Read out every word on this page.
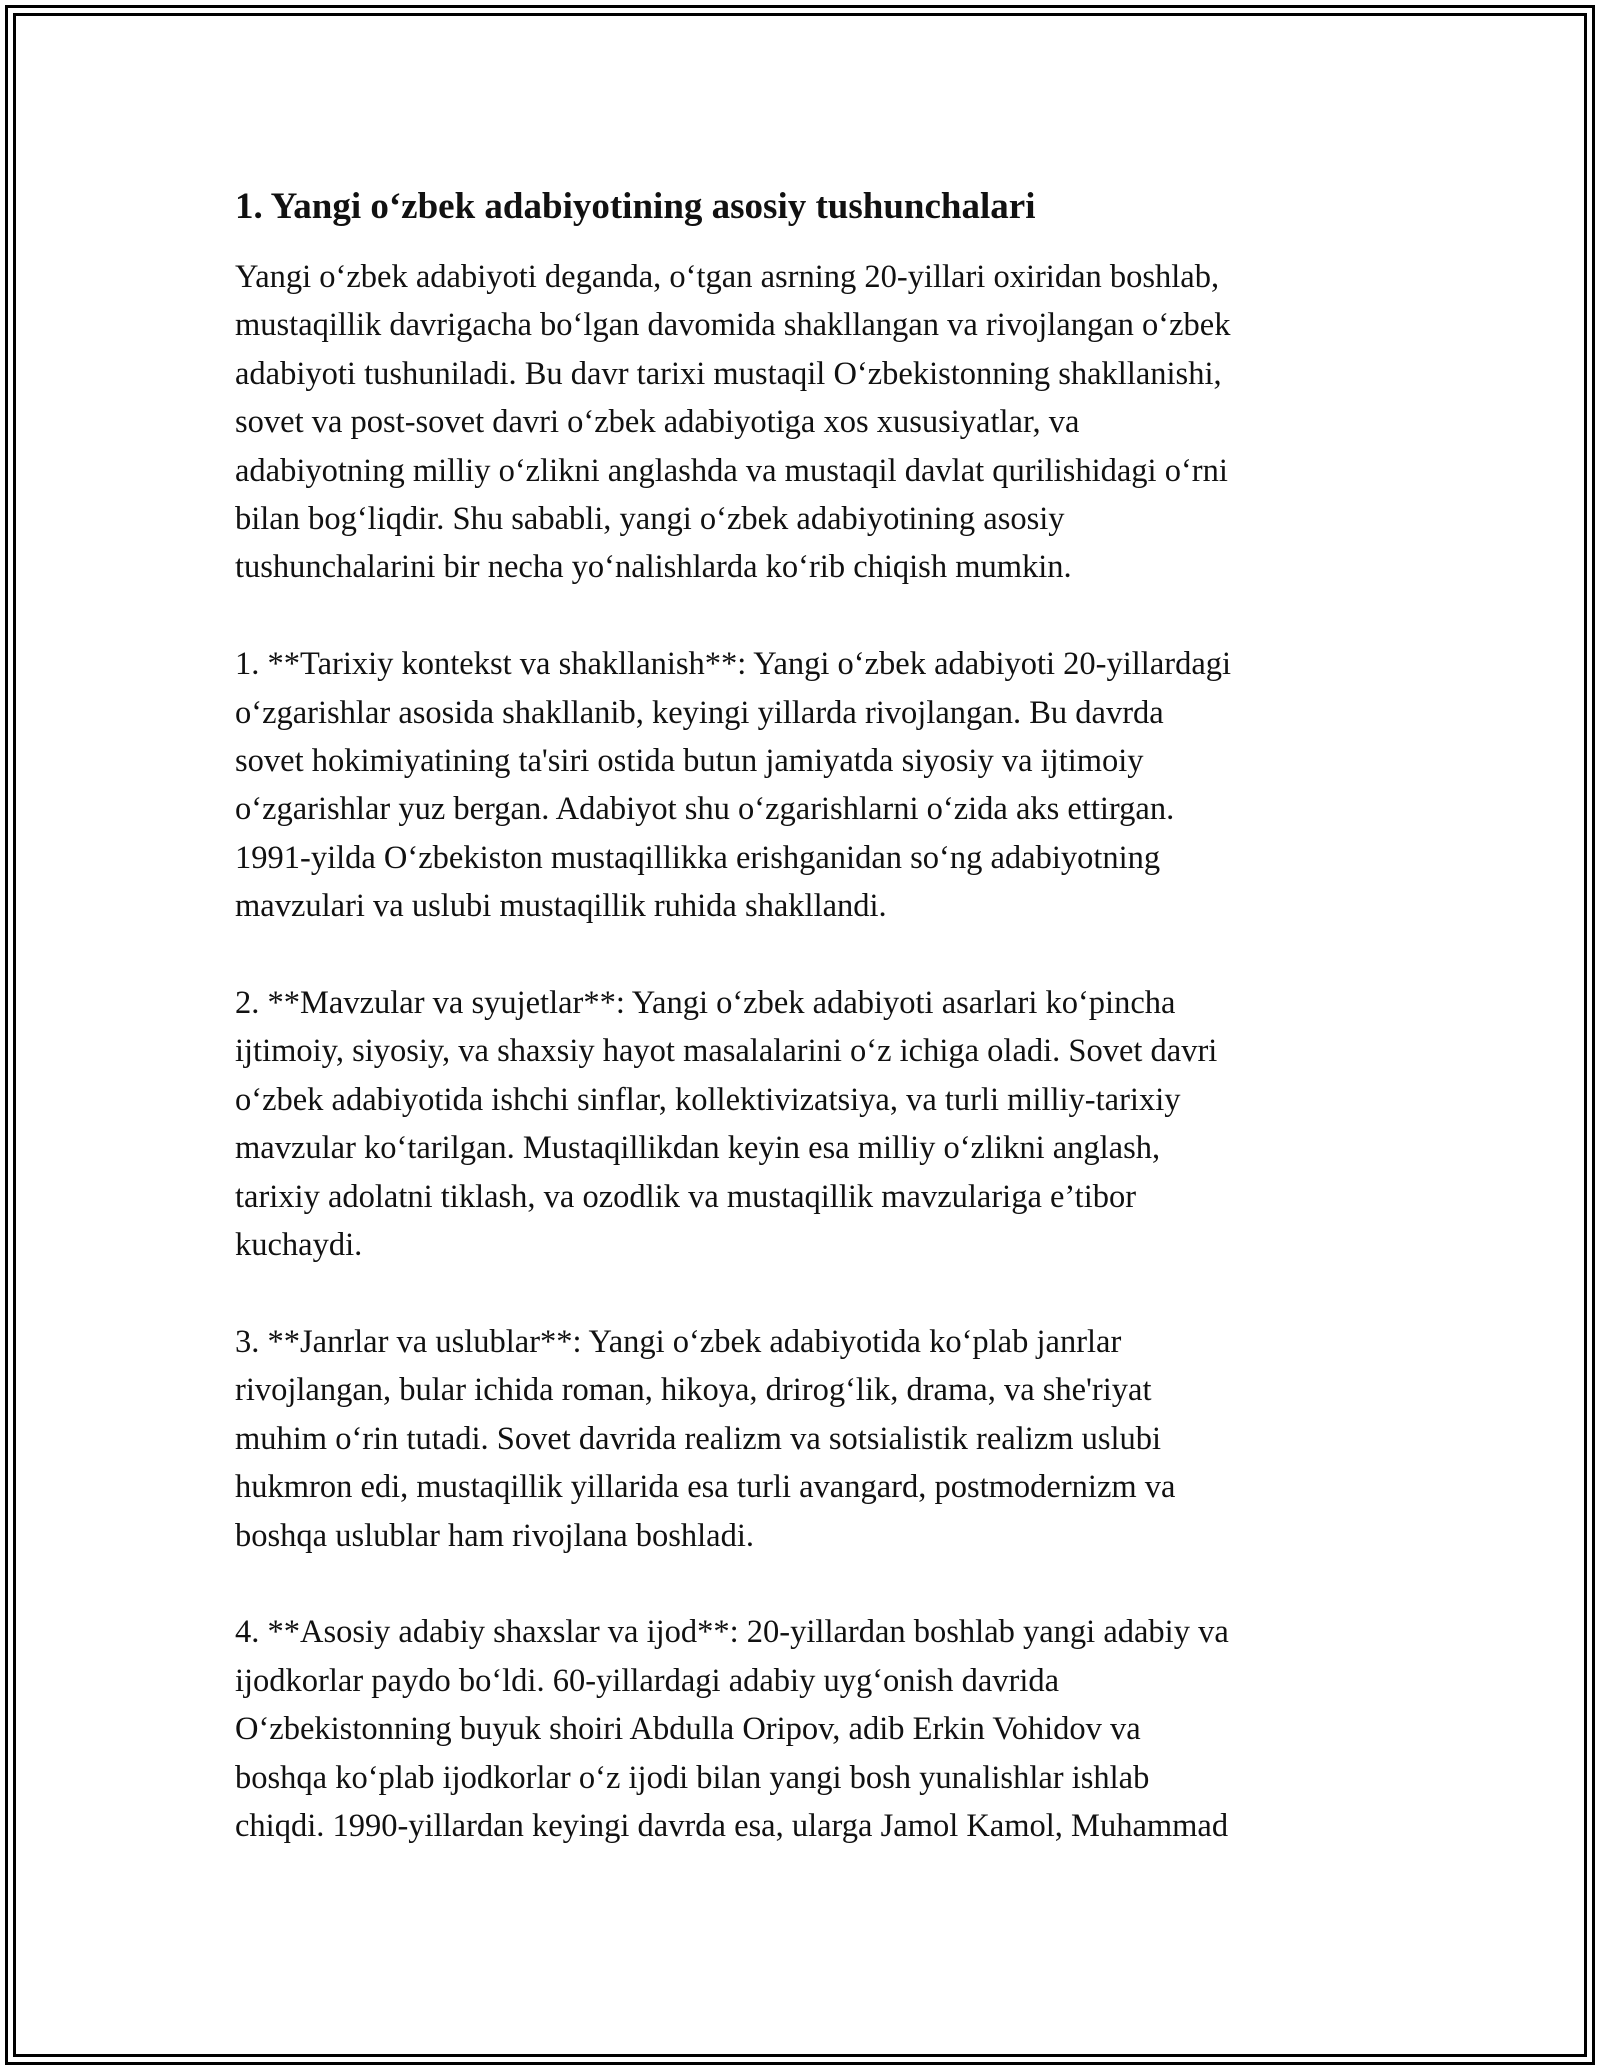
1. Yangi o‘zbek adabiyotining asosiy tushunchalari
Yangi o‘zbek adabiyoti deganda, o‘tgan asrning 20-yillari oxiridan boshlab,
mustaqillik davrigacha bo‘lgan davomida shakllangan va rivojlangan o‘zbek
adabiyoti tushuniladi. Bu davr tarixi mustaqil O‘zbekistonning shakllanishi,
sovet va post-sovet davri o‘zbek adabiyotiga xos xususiyatlar, va
adabiyotning milliy o‘zlikni anglashda va mustaqil davlat qurilishidagi o‘rni
bilan bog‘liqdir. Shu sababli, yangi o‘zbek adabiyotining asosiy
tushunchalarini bir necha yo‘nalishlarda ko‘rib chiqish mumkin.
1. **Tarixiy kontekst va shakllanish**: Yangi o‘zbek adabiyoti 20-yillardagi
o‘zgarishlar asosida shakllanib, keyingi yillarda rivojlangan. Bu davrda
sovet hokimiyatining ta'siri ostida butun jamiyatda siyosiy va ijtimoiy
o‘zgarishlar yuz bergan. Adabiyot shu o‘zgarishlarni o‘zida aks ettirgan.
1991-yilda O‘zbekiston mustaqillikka erishganidan so‘ng adabiyotning
mavzulari va uslubi mustaqillik ruhida shakllandi.
2. **Mavzular va syujetlar**: Yangi o‘zbek adabiyoti asarlari ko‘pincha
ijtimoiy, siyosiy, va shaxsiy hayot masalalarini o‘z ichiga oladi. Sovet davri
o‘zbek adabiyotida ishchi sinflar, kollektivizatsiya, va turli milliy-tarixiy
mavzular ko‘tarilgan. Mustaqillikdan keyin esa milliy o‘zlikni anglash,
tarixiy adolatni tiklash, va ozodlik va mustaqillik mavzulariga e’tibor
kuchaydi.
3. **Janrlar va uslublar**: Yangi o‘zbek adabiyotida ko‘plab janrlar
rivojlangan, bular ichida roman, hikoya, drirog‘lik, drama, va she'riyat
muhim o‘rin tutadi. Sovet davrida realizm va sotsialistik realizm uslubi
hukmron edi, mustaqillik yillarida esa turli avangard, postmodernizm va
boshqa uslublar ham rivojlana boshladi.
4. **Asosiy adabiy shaxslar va ijod**: 20-yillardan boshlab yangi adabiy va
ijodkorlar paydo bo‘ldi. 60-yillardagi adabiy uyg‘onish davrida
O‘zbekistonning buyuk shoiri Abdulla Oripov, adib Erkin Vohidov va
boshqa ko‘plab ijodkorlar o‘z ijodi bilan yangi bosh yunalishlar ishlab
chiqdi. 1990-yillardan keyingi davrda esa, ularga Jamol Kamol, Muhammad
